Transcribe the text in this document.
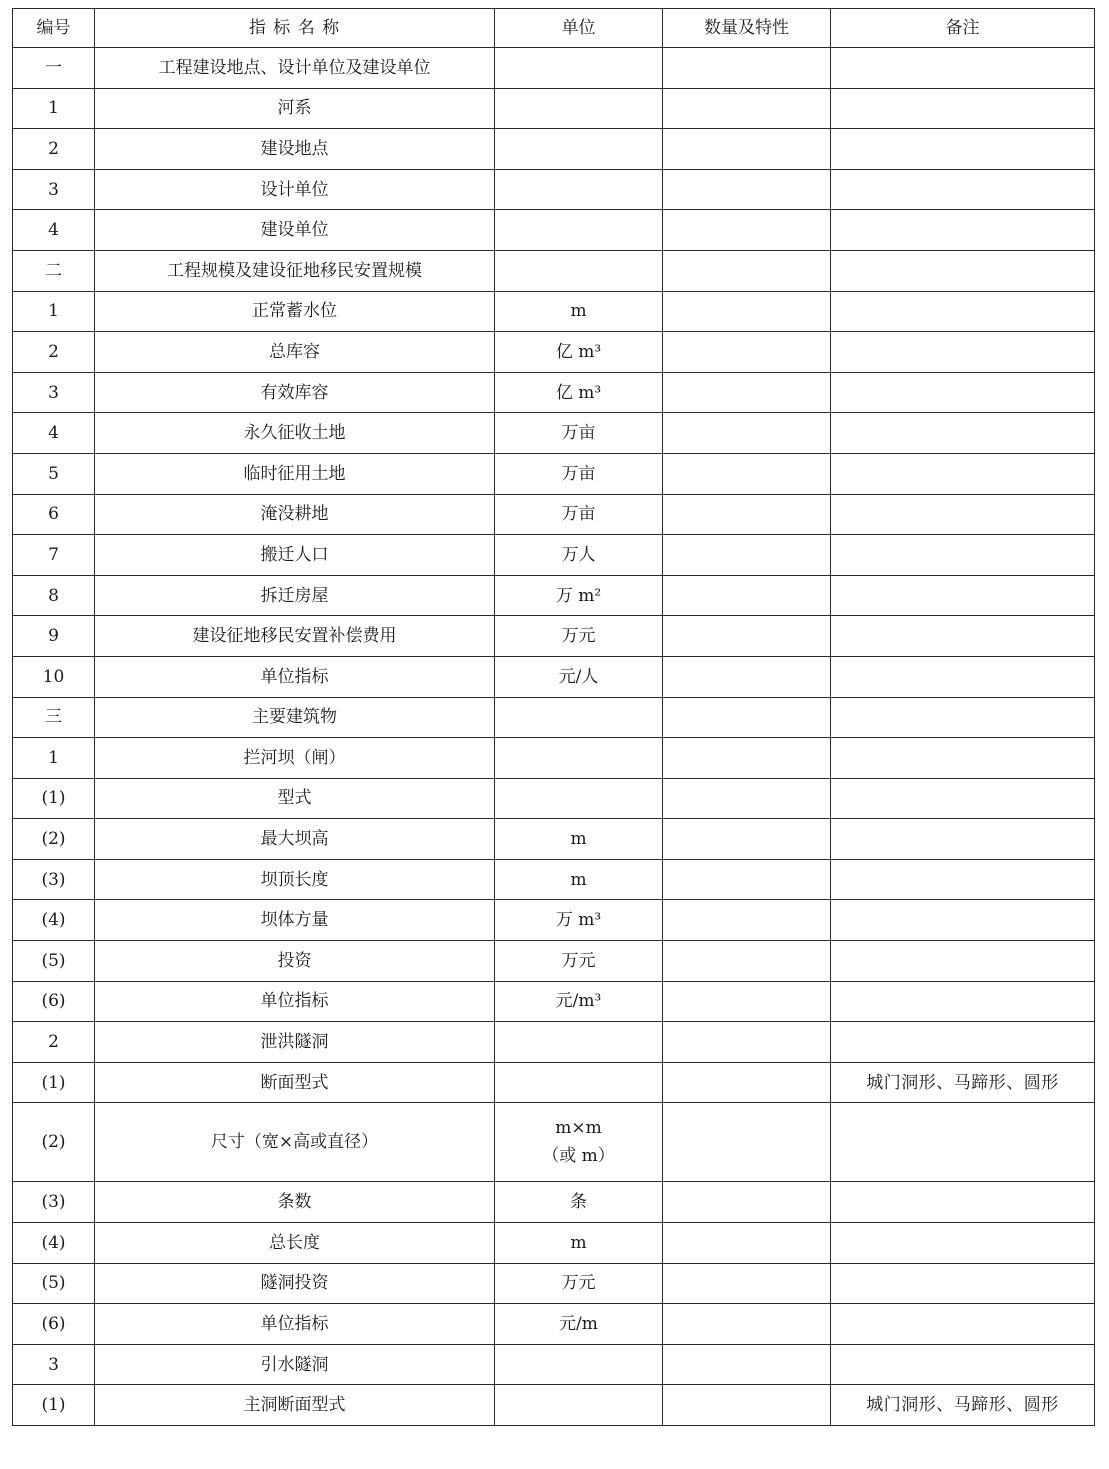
编号	指 标 名 称	单位	数量及特性	备注
一	工程建设地点、设计单位及建设单位			
1	河系			
2	建设地点			
3	设计单位			
4	建设单位			
二	工程规模及建设征地移民安置规模			
1	正常蓄水位	m		
2	总库容	亿 m³		
3	有效库容	亿 m³		
4	永久征收土地	万亩		
5	临时征用土地	万亩		
6	淹没耕地	万亩		
7	搬迁人口	万人		
8	拆迁房屋	万 m²		
9	建设征地移民安置补偿费用	万元		
10	单位指标	元/人		
三	主要建筑物			
1	拦河坝（闸）			
(1)	型式			
(2)	最大坝高	m		
(3)	坝顶长度	m		
(4)	坝体方量	万 m³		
(5)	投资	万元		
(6)	单位指标	元/m³		
2	泄洪隧洞			
(1)	断面型式			城门洞形、马蹄形、圆形
(2)	尺寸（宽×高或直径）	m×m
（或 m）		
(3)	条数	条		
(4)	总长度	m		
(5)	隧洞投资	万元		
(6)	单位指标	元/m		
3	引水隧洞			
(1)	主洞断面型式			城门洞形、马蹄形、圆形
